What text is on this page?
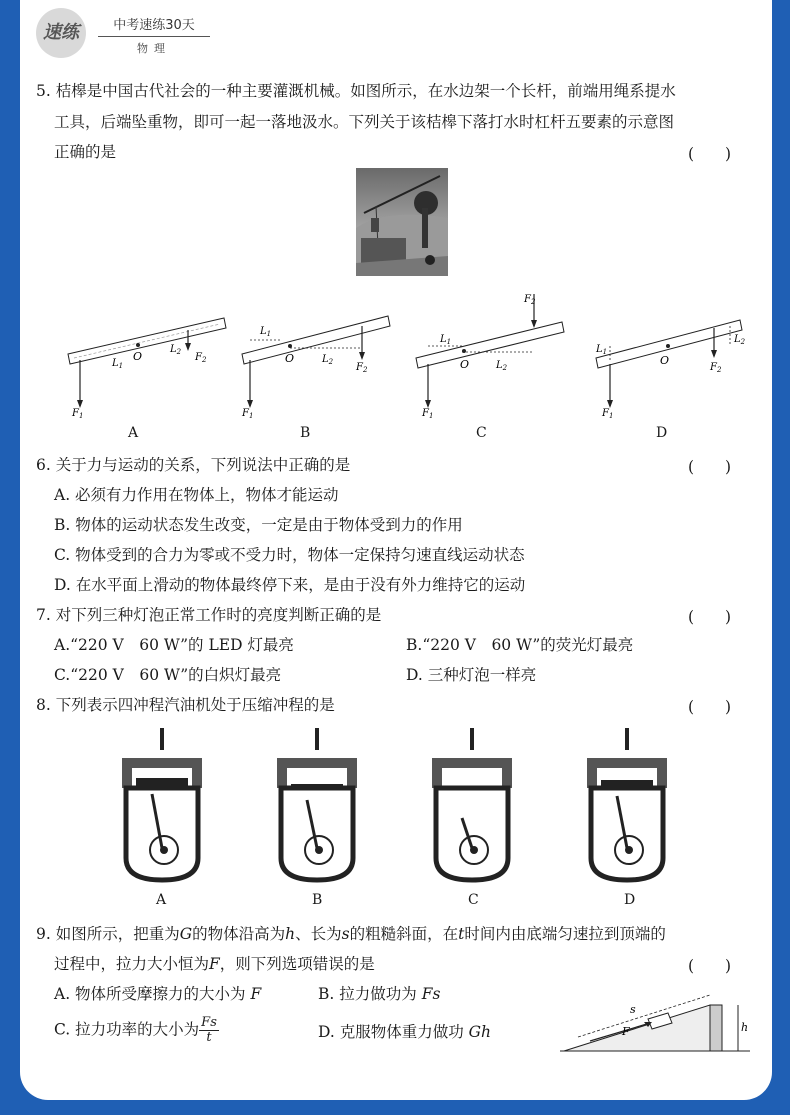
速练	中考速练30天
物理
5. 桔槔是中国古代社会的一种主要灌溉机械。如图所示，在水边架一个长杆，前端用绳系提水
工具，后端坠重物，即可一起一落地汲水。下列关于该桔槔下落打水时杠杆五要素的示意图
正确的是	(　　)
O
$L_1$
$L_2$
$F_1$
$F_2$	O
$L_1$
$L_2$
$F_1$
$F_2$	O
$L_1$
$L_2$
$F_1$
$F_2$
O
$L_1$
$L_2$
$F_1$
$F_2$
A	B	C	D
6. 关于力与运动的关系，下列说法中正确的是	(　　)
A. 必须有力作用在物体上，物体才能运动
B. 物体的运动状态发生改变，一定是由于物体受到力的作用
C. 物体受到的合力为零或不受力时，物体一定保持匀速直线运动状态
D. 在水平面上滑动的物体最终停下来，是由于没有外力维持它的运动
7. 对下列三种灯泡正常工作时的亮度判断正确的是	(　　)
A.“220 V　60 W”的 LED 灯最亮	B.“220 V　60 W”的荧光灯最亮
C.“220 V　60 W”的白炽灯最亮	D. 三种灯泡一样亮
8. 下列表示四冲程汽油机处于压缩冲程的是	(　　)
A	B	C	D
9. 如图所示，把重为G的物体沿高为h、长为s的粗糙斜面，在t时间内由底端匀速拉到顶端的
过程中，拉力大小恒为F，则下列选项错误的是	(　　)
A. 物体所受摩擦力的大小为 F	B. 拉力做功为 Fs
C. 拉力功率的大小为 $\frac{Fs}{t}$	D. 克服物体重力做功 Gh
s
F	h
